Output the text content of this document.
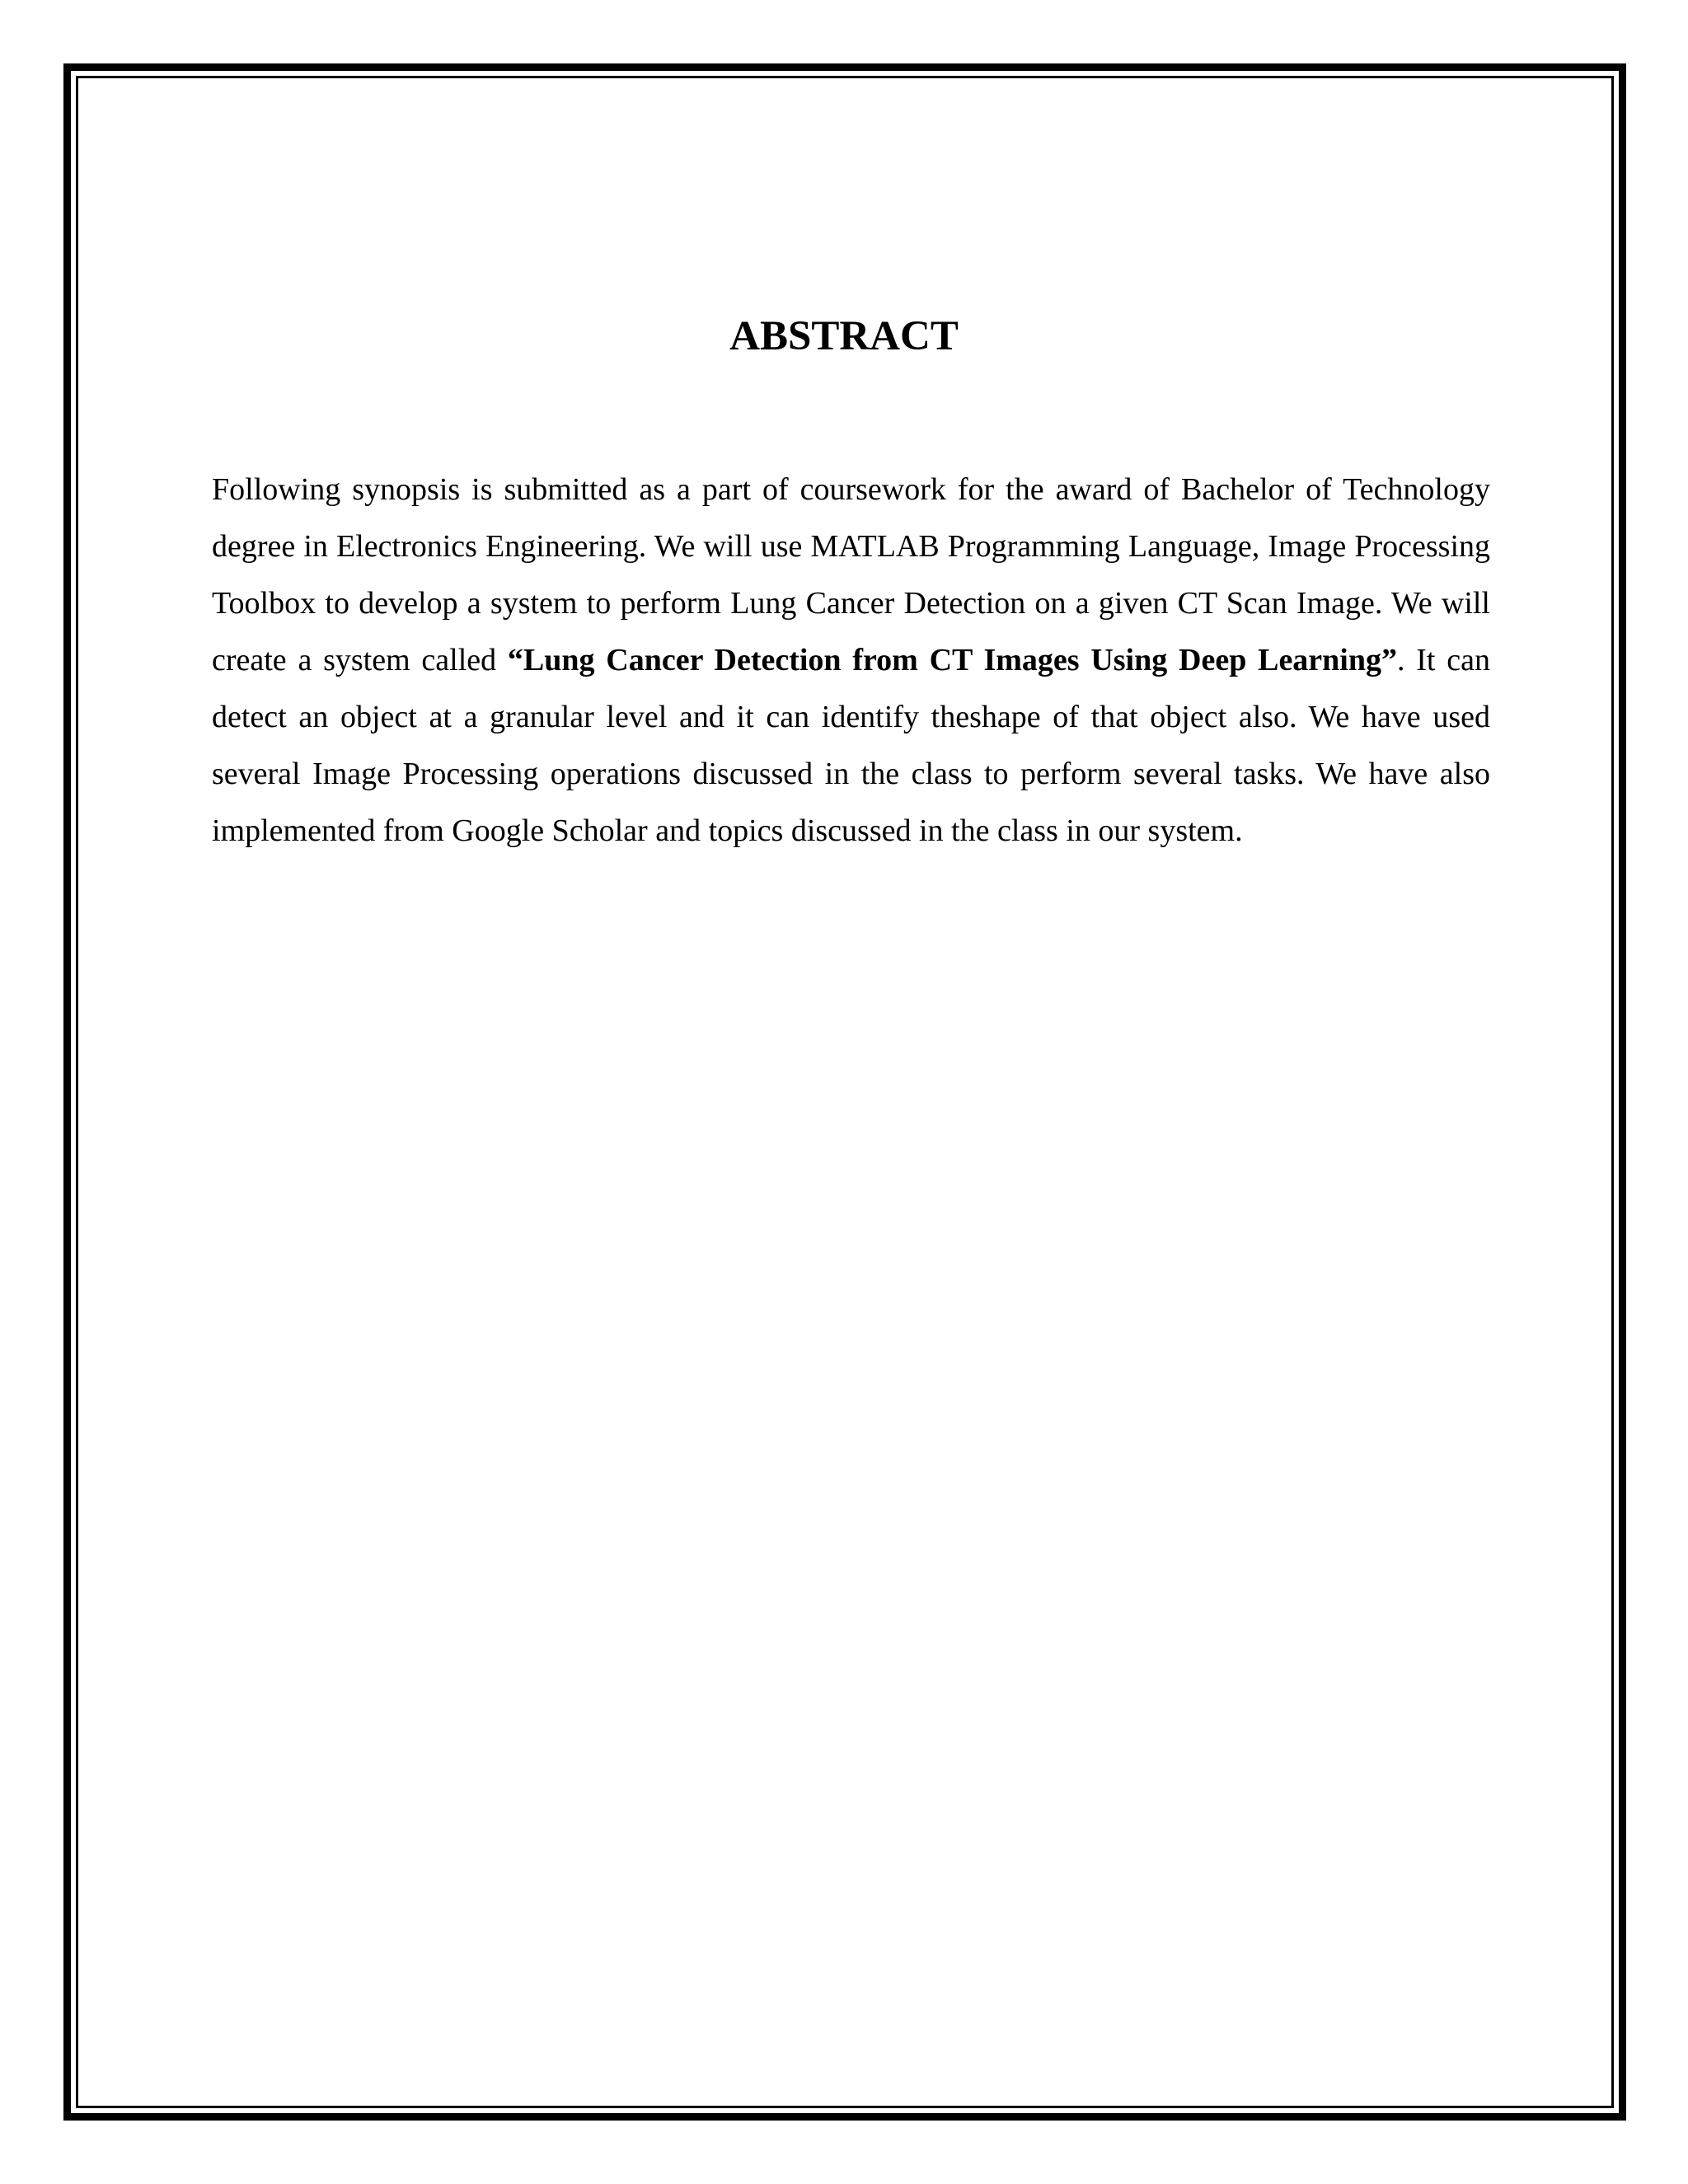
ABSTRACT

Following synopsis is submitted as a part of coursework for the award of Bachelor of Technology degree in Electronics Engineering. We will use MATLAB Programming Language, Image Processing Toolbox to develop a system to perform Lung Cancer Detection on a given CT Scan Image. We will create a system called “Lung Cancer Detection from CT Images Using Deep Learning”. It can detect an object at a granular level and it can identify theshape of that object also. We have used several Image Processing operations discussed in the class to perform several tasks. We have also implemented from Google Scholar and topics discussed in the class in our system.
